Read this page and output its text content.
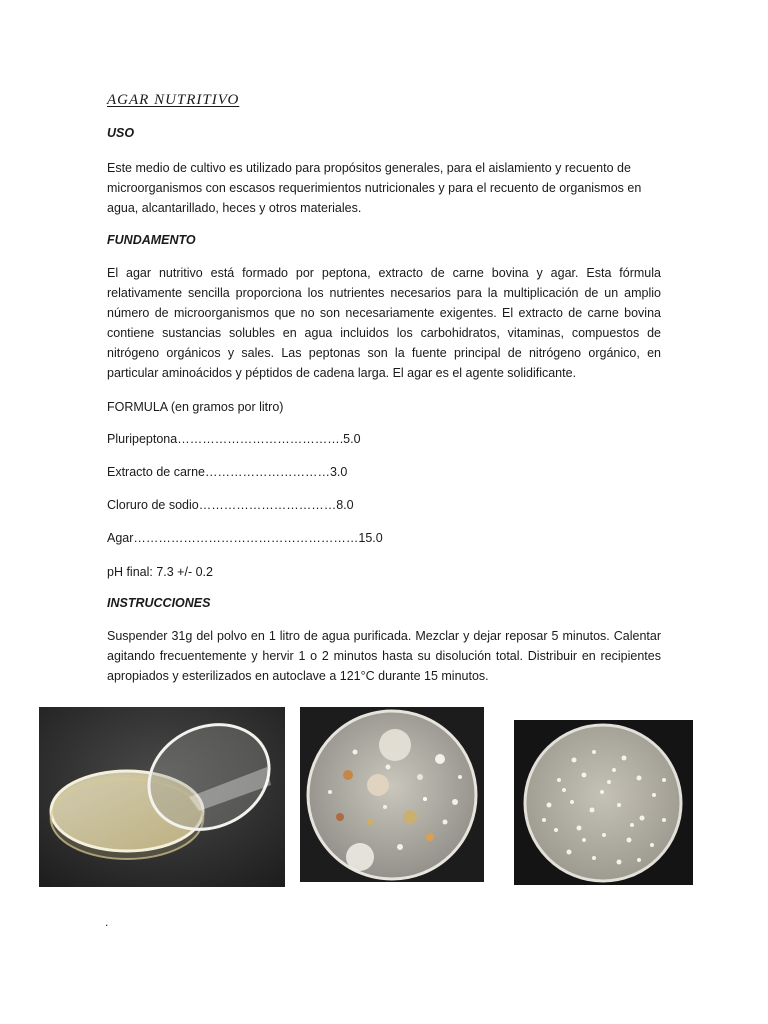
AGAR NUTRITIVO
USO
Este medio de cultivo es utilizado para propósitos generales, para el aislamiento y recuento de
microorganismos con escasos requerimientos nutricionales y para el recuento de organismos en
agua, alcantarillado, heces y otros materiales.
FUNDAMENTO
El agar nutritivo está formado por peptona, extracto de carne bovina y agar. Esta fórmula
relativamente sencilla proporciona los nutrientes necesarios para la multiplicación de un amplio
número de microorganismos que no son necesariamente exigentes. El extracto de carne bovina
contiene sustancias solubles en agua incluidos los carbohidratos, vitaminas, compuestos de
nitrógeno orgánicos y sales. Las peptonas son la fuente principal de nitrógeno orgánico, en
particular aminoácidos y péptidos de cadena larga. El agar es el agente solidificante.
FORMULA (en gramos por litro)
Pluripeptona………………………………….5.0
Extracto de carne…………………………3.0
Cloruro de sodio……………………………8.0
Agar………………………………………………15.0
pH final: 7.3 +/- 0.2
INSTRUCCIONES
Suspender 31g del polvo en 1 litro de agua purificada. Mezclar y dejar reposar 5 minutos. Calentar
agitando frecuentemente y hervir 1 o 2 minutos hasta su disolución total. Distribuir en recipientes
apropiados y esterilizados en autoclave a 121°C durante 15 minutos.
.
